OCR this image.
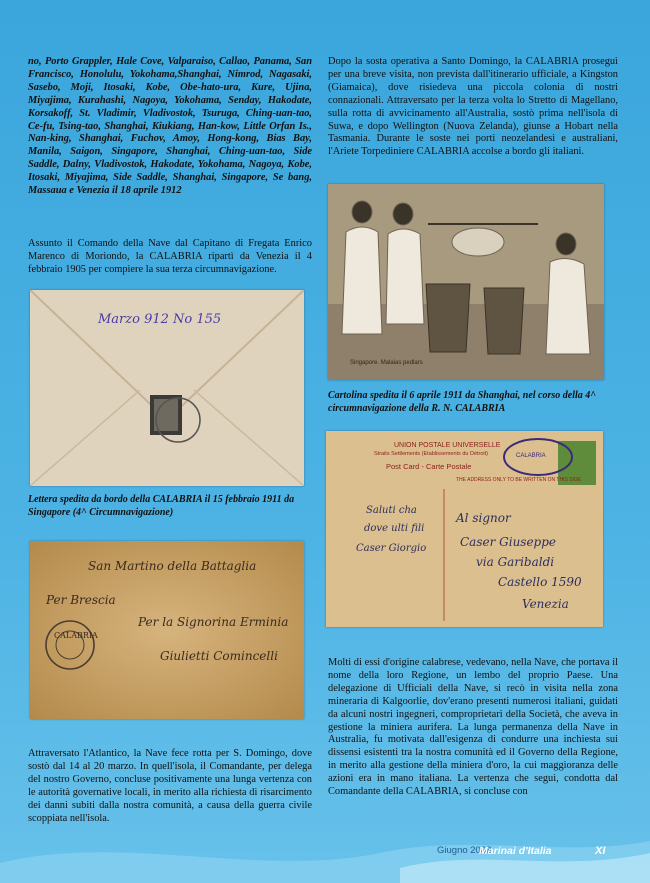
no, Porto Grappler, Hale Cove, Valparaiso, Callao, Panama, San Francisco, Honolulu, Yokohama,Shanghai, Nimrod, Nagasaki, Sasebo, Moji, Itosaki, Kobe, Obe-hato-ura, Kure, Ujina, Miyajima, Kurahashi, Nagoya, Yokohama, Senday, Hakodate, Korsakoff, St. Vladimir, Vladivostok, Tsuruga, Ching-uan-tao, Ce-fu, Tsing-tao, Shanghai, Kiukiang, Han-kow, Little Orfan Is., Nan-king, Shanghai, Fuchov, Amoy, Hong-kong, Bias Bay, Manila, Saigon, Singapore, Shanghai, Ching-uan-tao, Side Saddle, Dalny, Vladivostok, Hakodate, Yokohama, Nagoya, Kobe, Itosaki, Miyajima, Side Saddle, Shanghai, Singapore, Se bang, Massaua e Venezia il 18 aprile 1912

Assunto il Comando della Nave dal Capitano di Fregata Enrico Marenco di Moriondo, la CALABRIA ripartì da Venezia il 4 febbraio 1905 per compiere la sua terza circumnavigazione.

Marzo 912 No 155
Lettera spedita da bordo della CALABRIA il 15 febbraio 1911 da Singapore (4^ Circumnavigazione)
San Martino della Battaglia
Per Brescia
Per la Signorina Erminia
Giulietti Comincelli
CALABRIA

Attraversato l'Atlantico, la Nave fece rotta per S. Domingo, dove sostò dal 14 al 20 marzo. In quell'isola, il Comandante, per delega del nostro Governo, concluse positivamente una lunga vertenza con le autorità governative locali, in merito alla richiesta di risarcimento dei danni subiti dalla nostra comunità, a causa della guerra civile scoppiata nell'isola.

Dopo la sosta operativa a Santo Domingo, la CALABRIA proseguì per una breve visita, non prevista dall'itinerario ufficiale, a Kingston (Giamaica), dove risiedeva una piccola colonia di nostri connazionali. Attraversato per la terza volta lo Stretto di Magellano, sulla rotta di avvicinamento all'Australia, sostò prima nell'isola di Suwa, e dopo Wellington (Nuova Zelanda), giunse a Hobart nella Tasmania. Durante le soste nei porti neozelandesi e australiani, l'Ariete Torpediniere CALABRIA accolse a bordo gli italiani.

Singapore. Malaias pedlars
Cartolina spedita il 6 aprile 1911 da Shanghai, nel corso della 4^ circumnavigazione della R. N. CALABRIA
UNION POSTALE UNIVERSELLE
Straits Settlements (Etablissements du Détroit)
Post Card - Carte Postale
THE ADDRESS ONLY TO BE WRITTEN ON THIS SIDE
CALABRIA
Saluti cha
dove ulti fili
Caser Giorgio
Al signor
Caser Giuseppe
via Garibaldi
Castello 1590
Venezia

Molti di essi d'origine calabrese, vedevano, nella Nave, che portava il nome della loro Regione, un lembo del proprio Paese. Una delegazione di Ufficiali della Nave, si recò in visita nella zona mineraria di Kalgoorlie, dov'erano presenti numerosi italiani, guidati da alcuni nostri ingegneri, comproprietari della Società, che aveva in gestione la miniera aurifera. La lunga permanenza della Nave in Australia, fu motivata dall'esigenza di condurre una inchiesta sui dissensi esistenti tra la nostra comunità ed il Governo della Regione, in merito alla gestione della miniera d'oro, la cui maggioranza delle azioni era in mano italiana. La vertenza che seguì, condotta dal Comandante della CALABRIA, si concluse con

Giugno 2008
Marinai d'Italia	XI
